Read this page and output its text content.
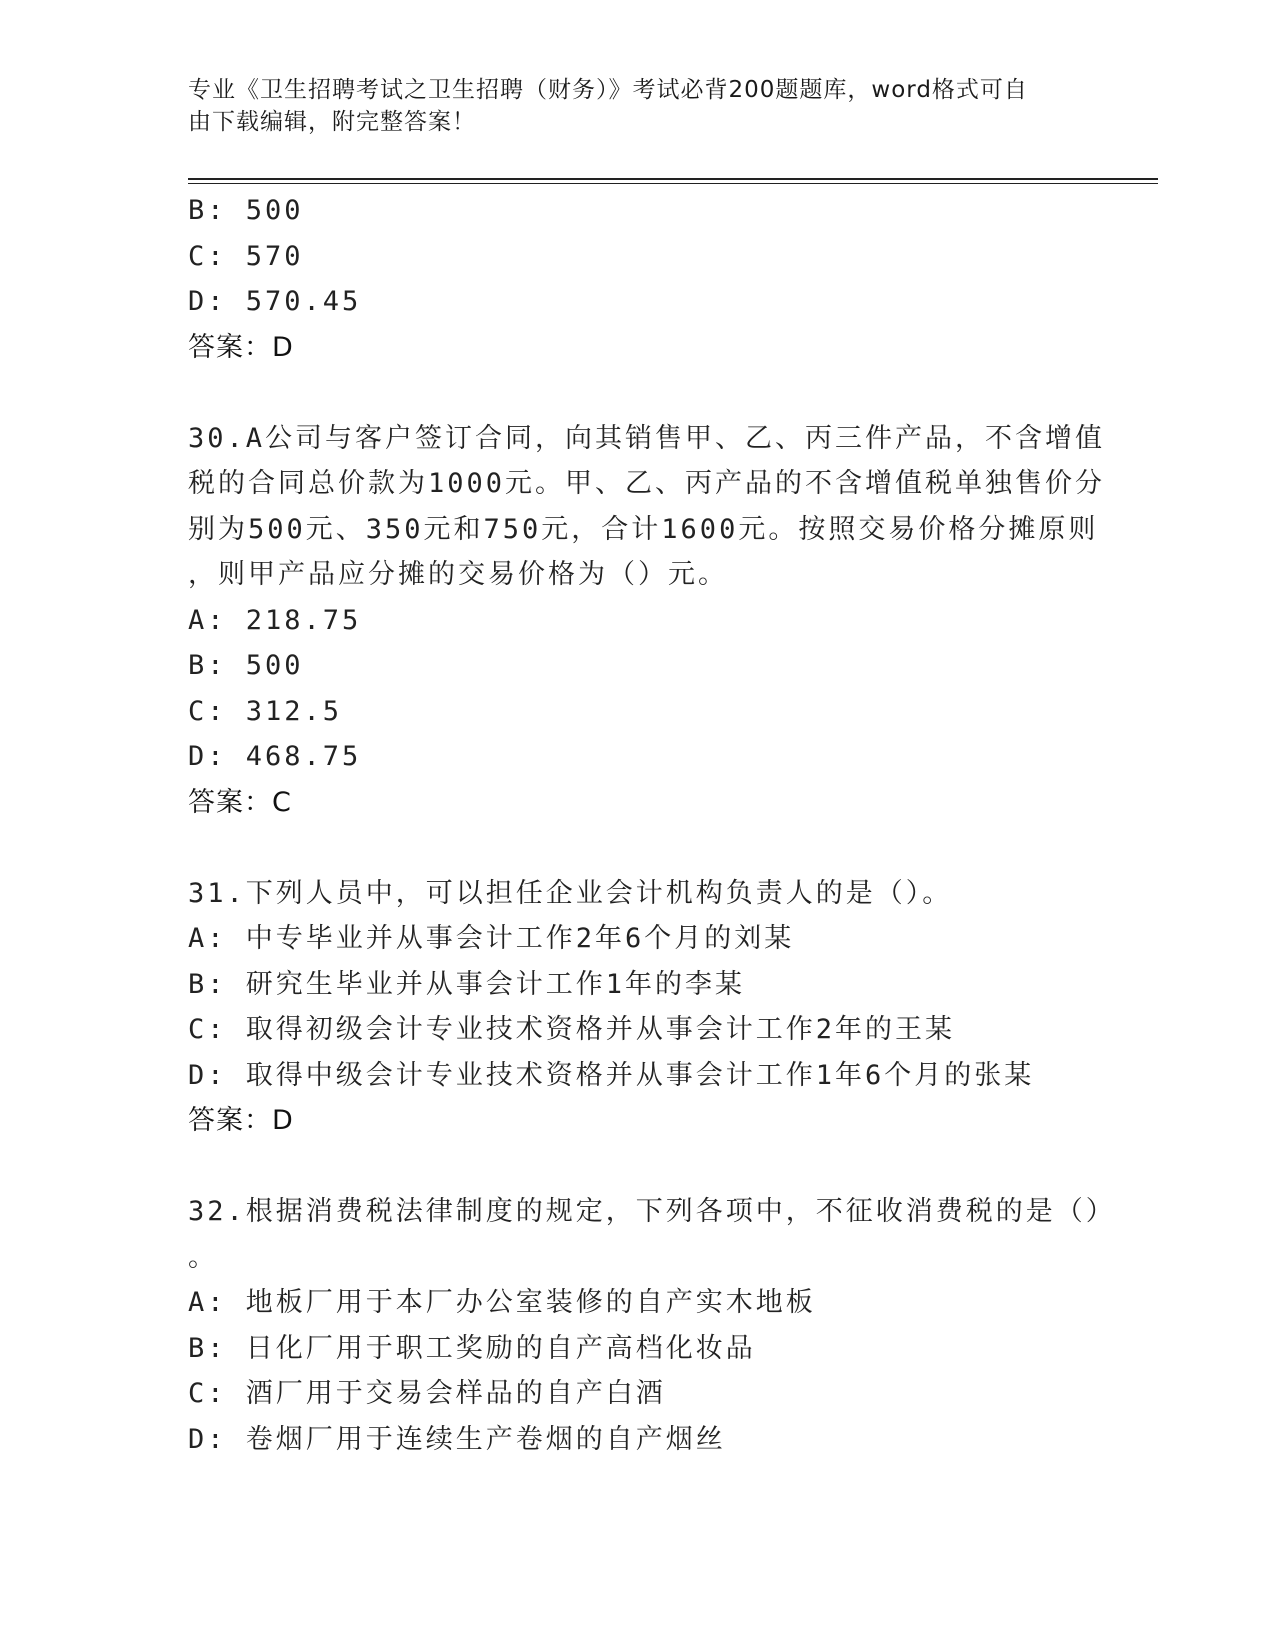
专业《卫生招聘考试之卫生招聘（财务）》考试必背200题题库，word格式可自
由下载编辑，附完整答案！
B: 500
C: 570
D: 570.45
答案：D
30.A公司与客户签订合同，向其销售甲、乙、丙三件产品，不含增值
税的合同总价款为1000元。甲、乙、丙产品的不含增值税单独售价分
别为500元、350元和750元，合计1600元。按照交易价格分摊原则
，则甲产品应分摊的交易价格为（）元。
A: 218.75
B: 500
C: 312.5
D: 468.75
答案：C
31.下列人员中，可以担任企业会计机构负责人的是（）。
A: 中专毕业并从事会计工作2年6个月的刘某
B: 研究生毕业并从事会计工作1年的李某
C: 取得初级会计专业技术资格并从事会计工作2年的王某
D: 取得中级会计专业技术资格并从事会计工作1年6个月的张某
答案：D
32.根据消费税法律制度的规定，下列各项中，不征收消费税的是（）
。
A: 地板厂用于本厂办公室装修的自产实木地板
B: 日化厂用于职工奖励的自产高档化妆品
C: 酒厂用于交易会样品的自产白酒
D: 卷烟厂用于连续生产卷烟的自产烟丝
